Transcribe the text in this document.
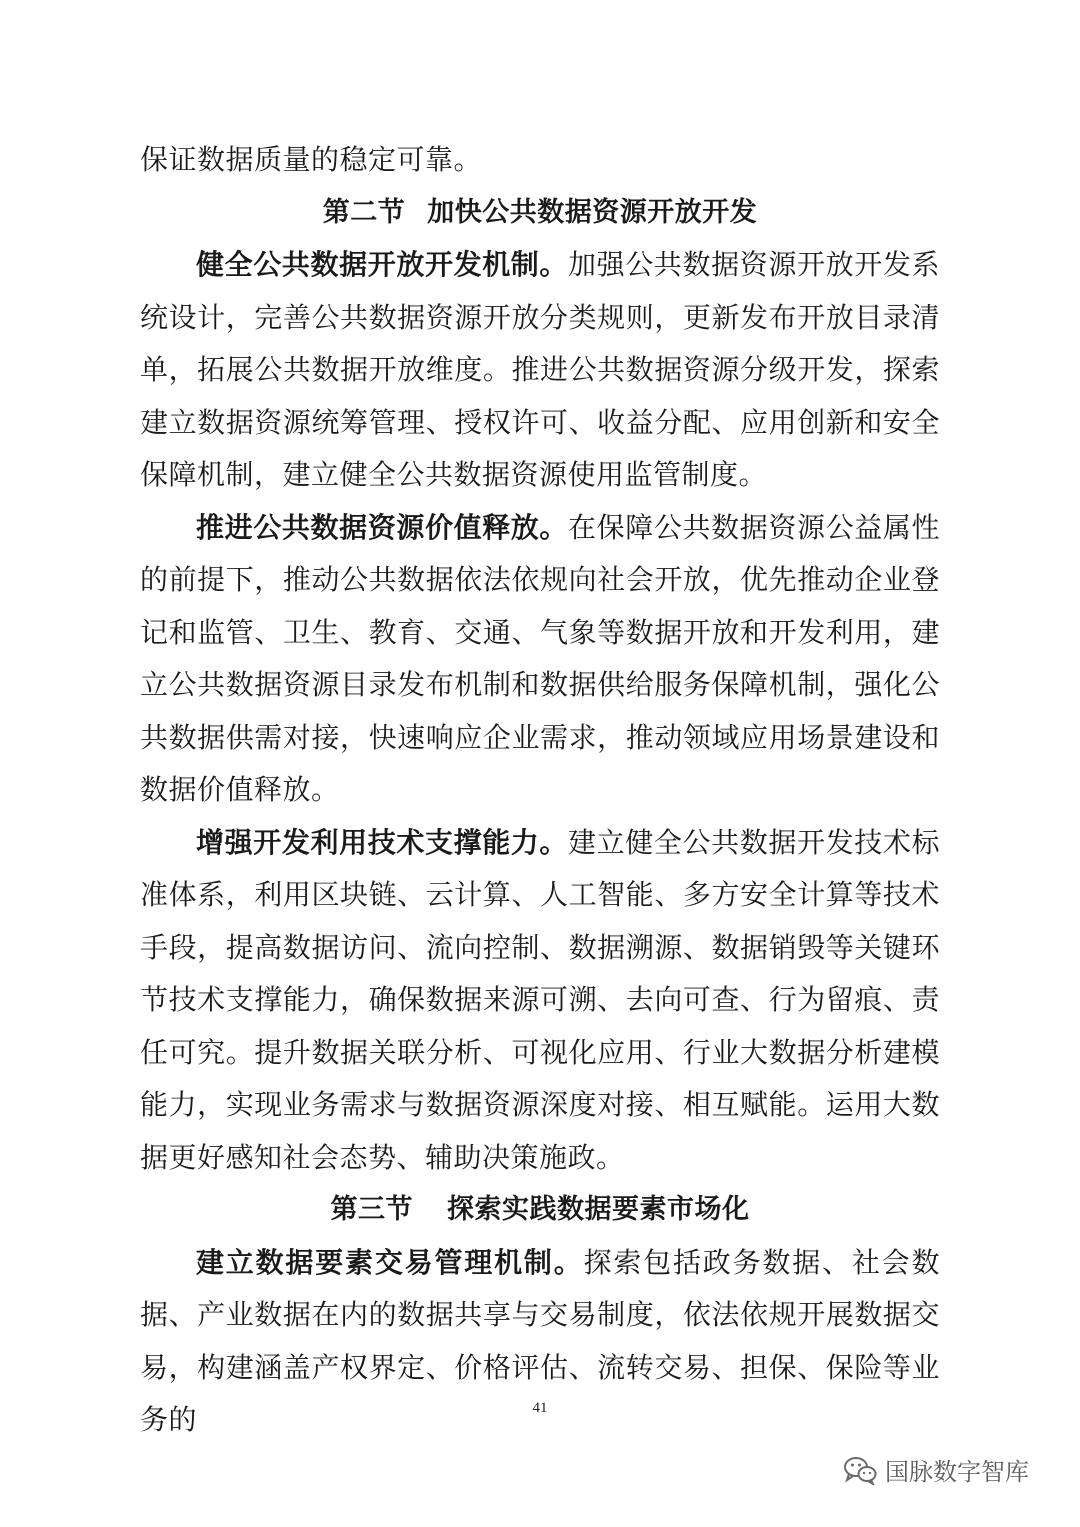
保证数据质量的稳定可靠。

第二节 加快公共数据资源开放开发

健全公共数据开放开发机制。加强公共数据资源开放开发系统设计，完善公共数据资源开放分类规则，更新发布开放目录清单，拓展公共数据开放维度。推进公共数据资源分级开发，探索建立数据资源统筹管理、授权许可、收益分配、应用创新和安全保障机制，建立健全公共数据资源使用监管制度。

推进公共数据资源价值释放。在保障公共数据资源公益属性的前提下，推动公共数据依法依规向社会开放，优先推动企业登记和监管、卫生、教育、交通、气象等数据开放和开发利用，建立公共数据资源目录发布机制和数据供给服务保障机制，强化公共数据供需对接，快速响应企业需求，推动领域应用场景建设和数据价值释放。

增强开发利用技术支撑能力。建立健全公共数据开发技术标准体系，利用区块链、云计算、人工智能、多方安全计算等技术手段，提高数据访问、流向控制、数据溯源、数据销毁等关键环节技术支撑能力，确保数据来源可溯、去向可查、行为留痕、责任可究。提升数据关联分析、可视化应用、行业大数据分析建模能力，实现业务需求与数据资源深度对接、相互赋能。运用大数据更好感知社会态势、辅助决策施政。

第三节 探索实践数据要素市场化

建立数据要素交易管理机制。探索包括政务数据、社会数据、产业数据在内的数据共享与交易制度，依法依规开展数据交易，构建涵盖产权界定、价格评估、流转交易、担保、保险等业务的	41
国脉数字智库
